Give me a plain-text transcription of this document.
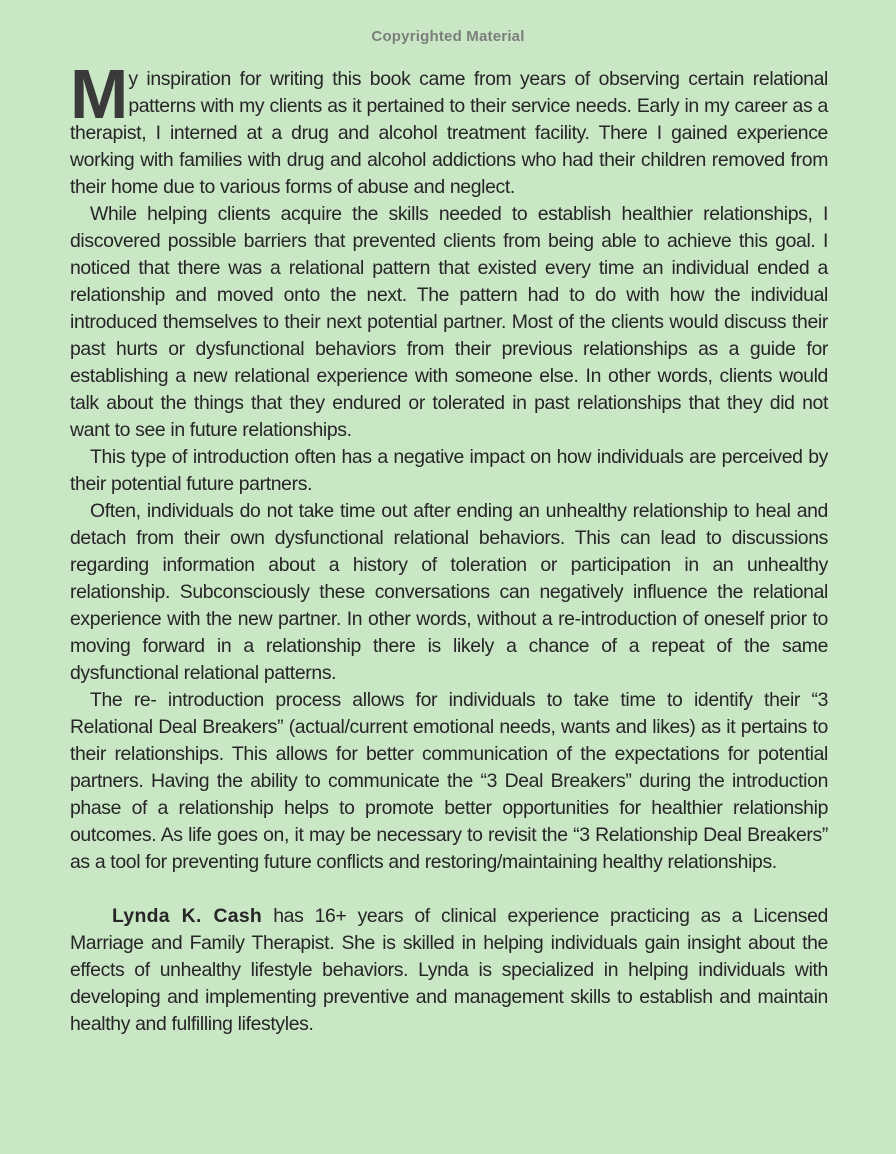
Copyrighted Material

My inspiration for writing this book came from years of observing certain relational patterns with my clients as it pertained to their service needs. Early in my career as a therapist, I interned at a drug and alcohol treatment facility. There I gained experience working with families with drug and alcohol addictions who had their children removed from their home due to various forms of abuse and neglect.

While helping clients acquire the skills needed to establish healthier relationships, I discovered possible barriers that prevented clients from being able to achieve this goal. I noticed that there was a relational pattern that existed every time an individual ended a relationship and moved onto the next. The pattern had to do with how the individual introduced themselves to their next potential partner. Most of the clients would discuss their past hurts or dysfunctional behaviors from their previous relationships as a guide for establishing a new relational experience with someone else. In other words, clients would talk about the things that they endured or tolerated in past relationships that they did not want to see in future relationships.

This type of introduction often has a negative impact on how individuals are perceived by their potential future partners.

Often, individuals do not take time out after ending an unhealthy relationship to heal and detach from their own dysfunctional relational behaviors. This can lead to discussions regarding information about a history of toleration or participation in an unhealthy relationship. Subconsciously these conversations can negatively influence the relational experience with the new partner. In other words, without a re-introduction of oneself prior to moving forward in a relationship there is likely a chance of a repeat of the same dysfunctional relational patterns.

The re- introduction process allows for individuals to take time to identify their “3 Relational Deal Breakers” (actual/current emotional needs, wants and likes) as it pertains to their relationships. This allows for better communication of the expectations for potential partners. Having the ability to communicate the “3 Deal Breakers” during the introduction phase of a relationship helps to promote better opportunities for healthier relationship outcomes. As life goes on, it may be necessary to revisit the “3 Relationship Deal Breakers” as a tool for preventing future conflicts and restoring/maintaining healthy relationships.

Lynda K. Cash has 16+ years of clinical experience practicing as a Licensed Marriage and Family Therapist. She is skilled in helping individuals gain insight about the effects of unhealthy lifestyle behaviors. Lynda is specialized in helping individuals with developing and implementing preventive and management skills to establish and maintain healthy and fulfilling lifestyles.
